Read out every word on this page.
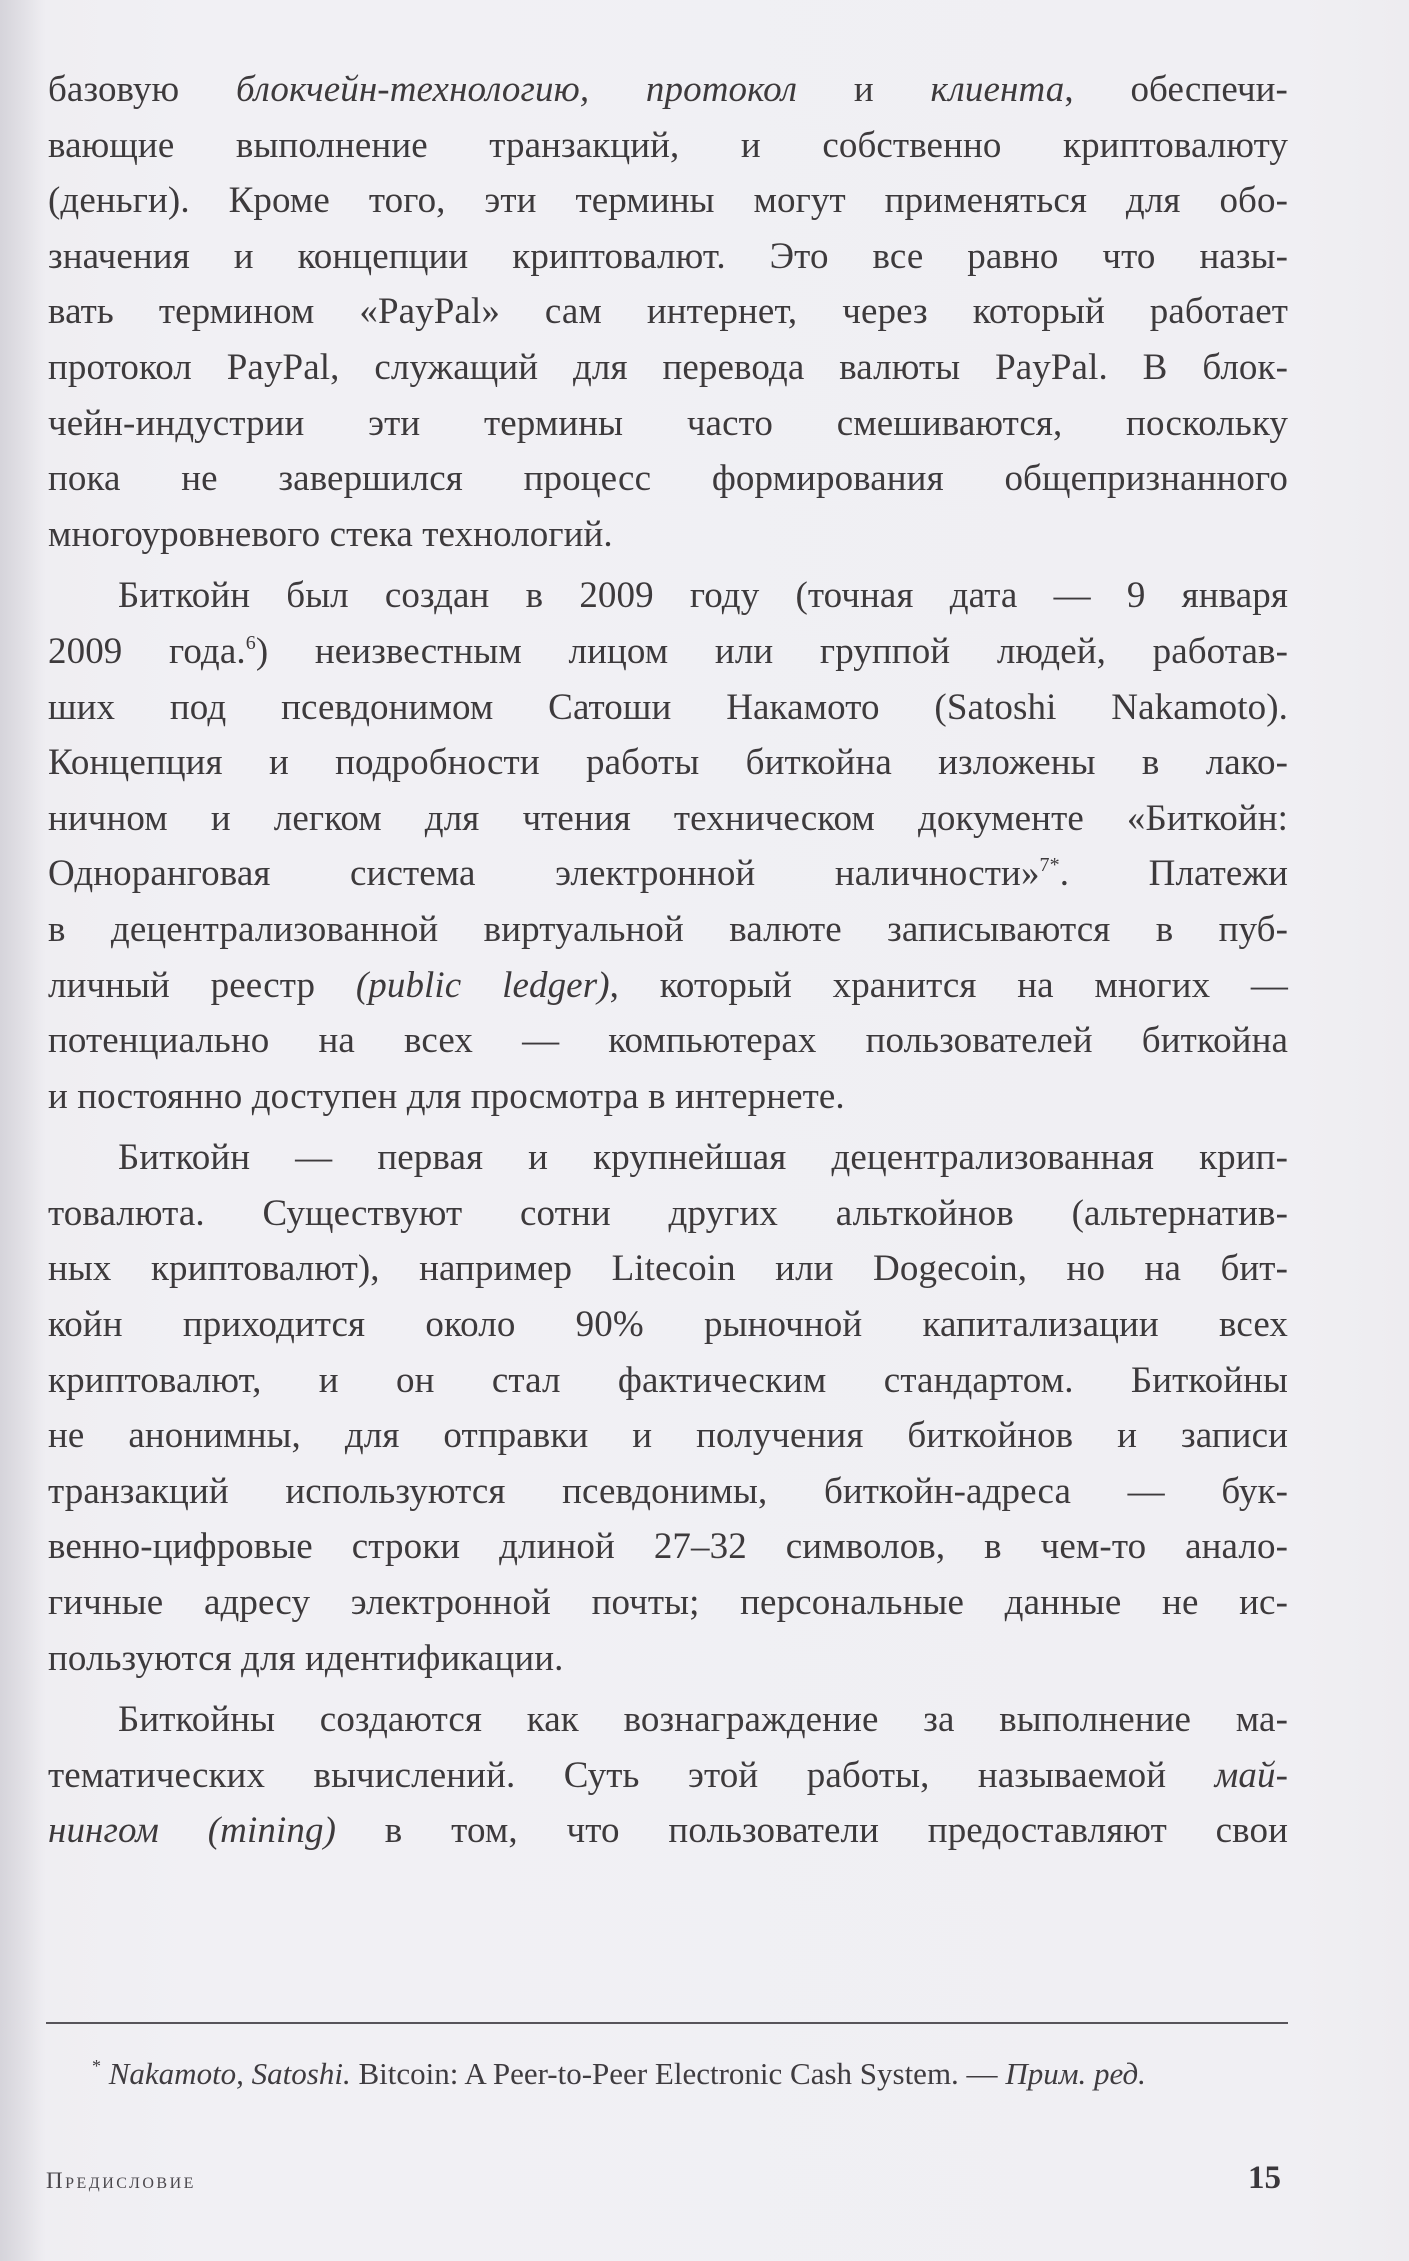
базовую блокчейн-технологию, протокол и клиента, обеспечи-
вающие выполнение транзакций, и собственно криптовалюту
(деньги). Кроме того, эти термины могут применяться для обо-
значения и концепции криптовалют. Это все равно что назы-
вать термином «PayPal» сам интернет, через который работает
протокол PayPal, служащий для перевода валюты PayPal. В блок-
чейн-индустрии эти термины часто смешиваются, поскольку
пока не завершился процесс формирования общепризнанного
многоуровневого стека технологий.
Биткойн был создан в 2009 году (точная дата — 9 января
2009 года.$^6$) неизвестным лицом или группой людей, работав-
ших под псевдонимом Сатоши Накамото (Satoshi Nakamoto).
Концепция и подробности работы биткойна изложены в лако-
ничном и легком для чтения техническом документе «Биткойн:
Одноранговая система электронной наличности»$^{7*}$. Платежи
в децентрализованной виртуальной валюте записываются в пуб-
личный реестр (public ledger), который хранится на многих —
потенциально на всех — компьютерах пользователей биткойна
и постоянно доступен для просмотра в интернете.
Биткойн — первая и крупнейшая децентрализованная крип-
товалюта. Существуют сотни других альткойнов (альтернатив-
ных криптовалют), например Litecoin или Dogecoin, но на бит-
койн приходится около 90% рыночной капитализации всех
криптовалют, и он стал фактическим стандартом. Биткойны
не анонимны, для отправки и получения биткойнов и записи
транзакций используются псевдонимы, биткойн-адреса — бук-
венно-цифровые строки длиной 27–32 символов, в чем-то анало-
гичные адресу электронной почты; персональные данные не ис-
пользуются для идентификации.
Биткойны создаются как вознаграждение за выполнение ма-
тематических вычислений. Суть этой работы, называемой май-
нингом (mining) в том, что пользователи предоставляют свои
* Nakamoto, Satoshi. Bitcoin: A Peer-to-Peer Electronic Cash System. — Прим. ред.
Предисловие	15
